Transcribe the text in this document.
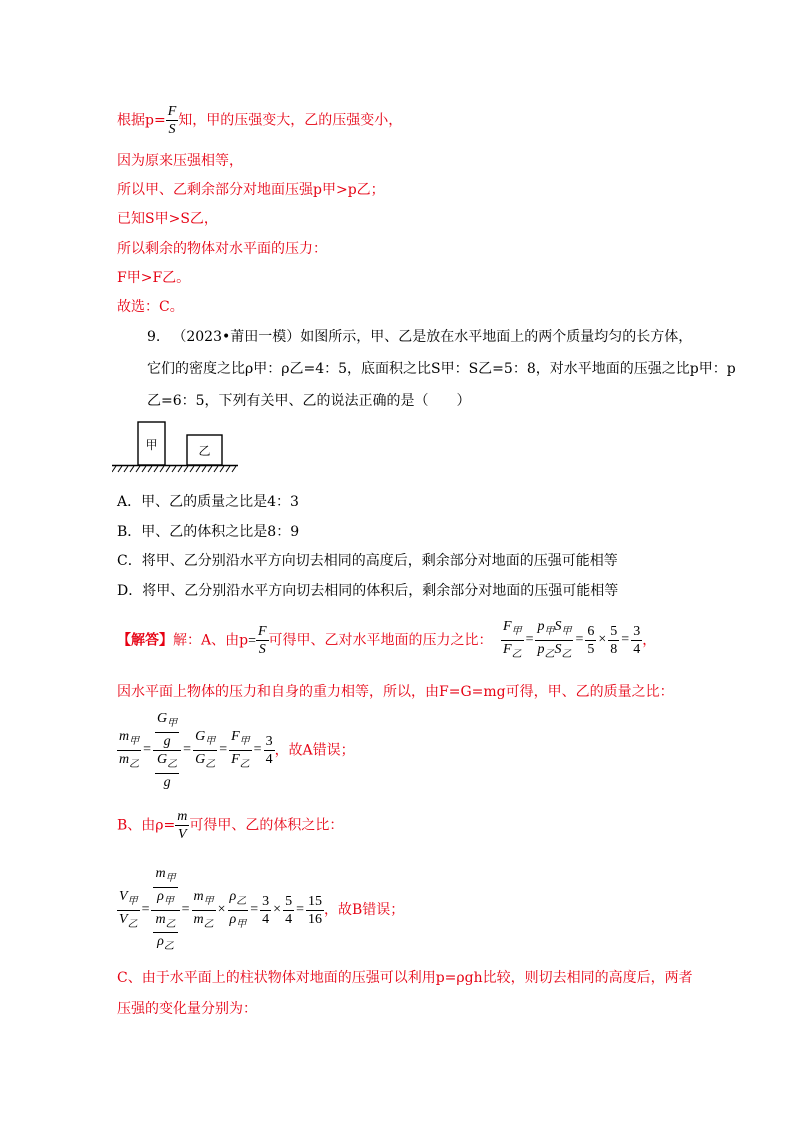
根据$p= \frac{F}{S}$ 知，甲的压强变大，乙的压强变小，
因为原来压强相等，
所以甲、乙剩余部分对地面压强p甲>p乙；
已知S甲>S乙，
所以剩余的物体对水平面的压力：
F甲>F乙。
故选：C。
9. （2023•莆田一模）如图所示，甲、乙是放在水平地面上的两个质量均匀的长方体，
它们的密度之比ρ甲：ρ乙=4：5，底面积之比S甲：S乙=5：8，对水平地面的压强之比p甲：p
乙=6：5，下列有关甲、乙的说法正确的是（　　）
甲	乙
A．甲、乙的质量之比是4：3
B．甲、乙的体积之比是8：9
C．将甲、乙分别沿水平方向切去相同的高度后，剩余部分对地面的压强可能相等
D．将甲、乙分别沿水平方向切去相同的体积后，剩余部分对地面的压强可能相等
【解答】解：A、由$p= \frac{F}{S}$ 可得甲、乙对水平地面的压力之比： $\frac{F_甲}{F_乙} = \frac{p_甲S_甲}{p_乙S_乙} = \frac{6}{5} \times \frac{5}{8} = \frac{3}{4}$ ，
因水平面上物体的压力和自身的重力相等，所以，由F=G=mg可得，甲、乙的质量之比：
$\frac{m_甲}{m_乙} = \frac{\frac{G_甲}{g}}{\frac{G_乙}{g}} = \frac{G_甲}{G_乙} = \frac{F_甲}{F_乙} = \frac{3}{4}$ ，故A错误；
B、由$\rho= \frac{m}{V}$ 可得甲、乙的体积之比：
$\frac{V_甲}{V_乙} = \frac{\frac{m_甲}{\rho_甲}}{\frac{m_乙}{\rho_乙}} = \frac{m_甲}{m_乙} \times \frac{\rho_乙}{\rho_甲} = \frac{3}{4} \times \frac{5}{4} = \frac{15}{16}$ ，故B错误；
C、由于水平面上的柱状物体对地面的压强可以利用p=ρgh比较，则切去相同的高度后，两者
压强的变化量分别为：
